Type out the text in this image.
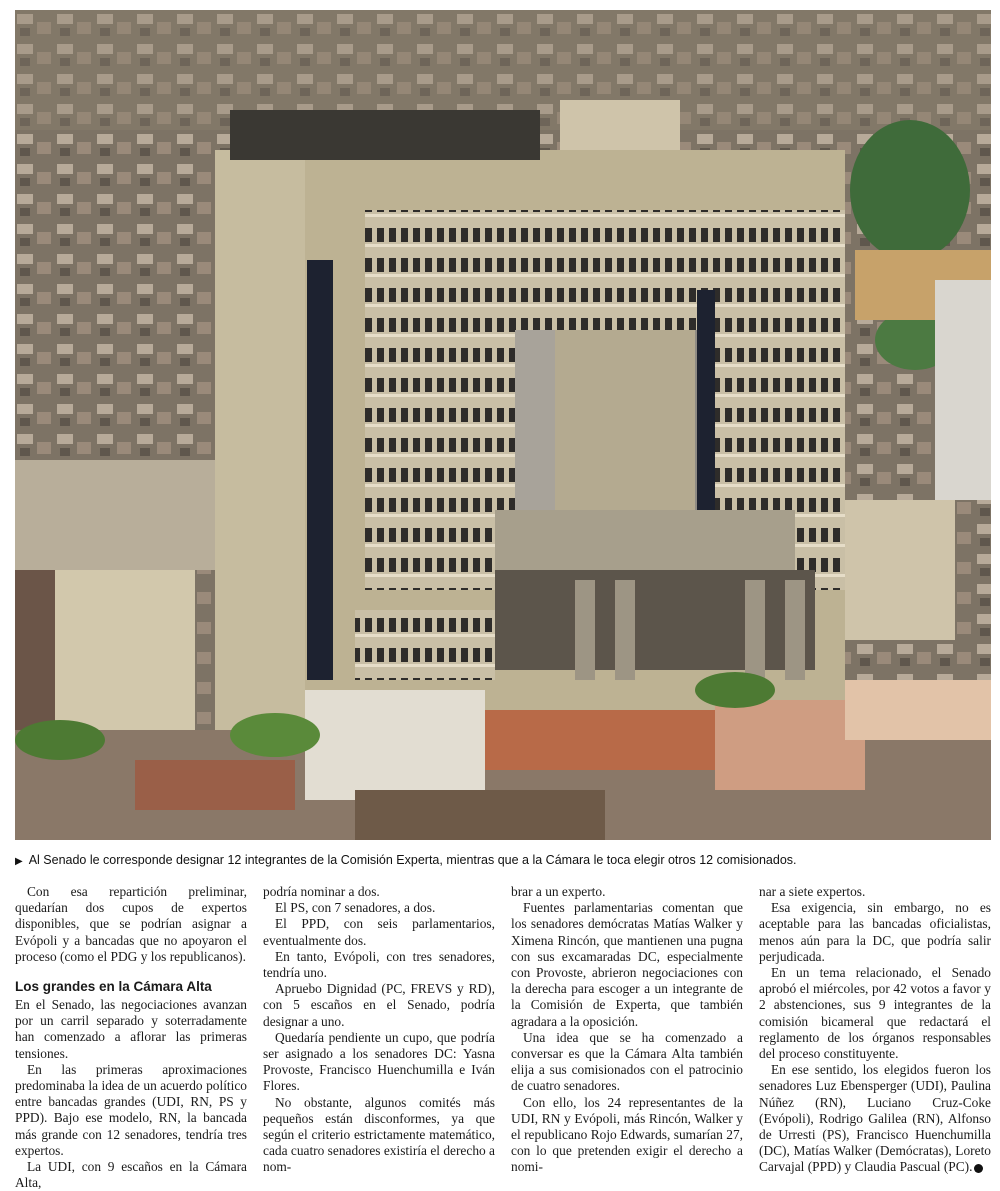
▶ Al Senado le corresponde designar 12 integrantes de la Comisión Experta, mientras que a la Cámara le toca elegir otros 12 comisionados.

Con esa repartición preliminar, quedarían dos cupos de expertos disponibles, que se podrían asignar a Evópoli y a bancadas que no apoyaron el proceso (como el PDG y los republicanos).

Los grandes en la Cámara Alta

En el Senado, las negociaciones avanzan por un carril separado y soterradamente han comenzado a aflorar las primeras tensiones.

En las primeras aproximaciones predominaba la idea de un acuerdo político entre bancadas grandes (UDI, RN, PS y PPD). Bajo ese modelo, RN, la bancada más grande con 12 senadores, tendría tres expertos.

La UDI, con 9 escaños en la Cámara Alta,

podría nominar a dos.

El PS, con 7 senadores, a dos.

El PPD, con seis parlamentarios, eventualmente dos.

En tanto, Evópoli, con tres senadores, tendría uno.

Apruebo Dignidad (PC, FREVS y RD), con 5 escaños en el Senado, podría designar a uno.

Quedaría pendiente un cupo, que podría ser asignado a los senadores DC: Yasna Provoste, Francisco Huenchumilla e Iván Flores.

No obstante, algunos comités más pequeños están disconformes, ya que según el criterio estrictamente matemático, cada cuatro senadores existiría el derecho a nom-

brar a un experto.

Fuentes parlamentarias comentan que los senadores demócratas Matías Walker y Ximena Rincón, que mantienen una pugna con sus excamaradas DC, especialmente con Provoste, abrieron negociaciones con la derecha para escoger a un integrante de la Comisión de Experta, que también agradara a la oposición.

Una idea que se ha comenzado a conversar es que la Cámara Alta también elija a sus comisionados con el patrocinio de cuatro senadores.

Con ello, los 24 representantes de la UDI, RN y Evópoli, más Rincón, Walker y el republicano Rojo Edwards, sumarían 27, con lo que pretenden exigir el derecho a nomi-

nar a siete expertos.

Esa exigencia, sin embargo, no es aceptable para las bancadas oficialistas, menos aún para la DC, que podría salir perjudicada.

En un tema relacionado, el Senado aprobó el miércoles, por 42 votos a favor y 2 abstenciones, sus 9 integrantes de la comisión bicameral que redactará el reglamento de los órganos responsables del proceso constituyente.

En ese sentido, los elegidos fueron los senadores Luz Ebensperger (UDI), Paulina Núñez (RN), Luciano Cruz-Coke (Evópoli), Rodrigo Galilea (RN), Alfonso de Urresti (PS), Francisco Huenchumilla (DC), Matías Walker (Demócratas), Loreto Carvajal (PPD) y Claudia Pascual (PC).
